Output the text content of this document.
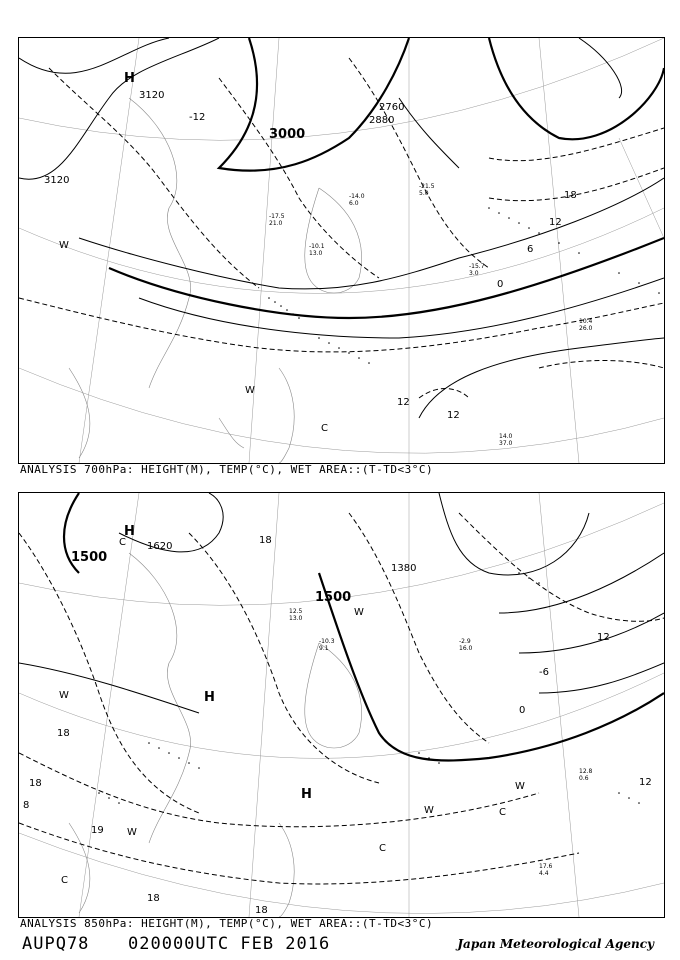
-17.5
21.0
-10.1
13.0
-14.0
6.0
-21.5
5.0
-15.7
3.0
14.0
37.0
10.4
26.0
H
3120
3120
3000
2880
2760
-12
18
12
6
0
12
12
W
W
C
ANALYSIS 700hPa: HEIGHT(M), TEMP(°C), WET AREA::(T-TD<3°C)
12.5
13.0
-10.3
9.1
-2.9
16.0
17.6
4.4
12.8
0.6
H
H
H
1500
1500
1620
1380
W
W
W
W
W
C
C
C
C
18
18
18
18
18
12
12
0
-6
8
19
ANALYSIS 850hPa: HEIGHT(M), TEMP(°C), WET AREA::(T-TD<3°C)
AUPQ78 020000UTC FEB 2016	Japan Meteorological Agency
